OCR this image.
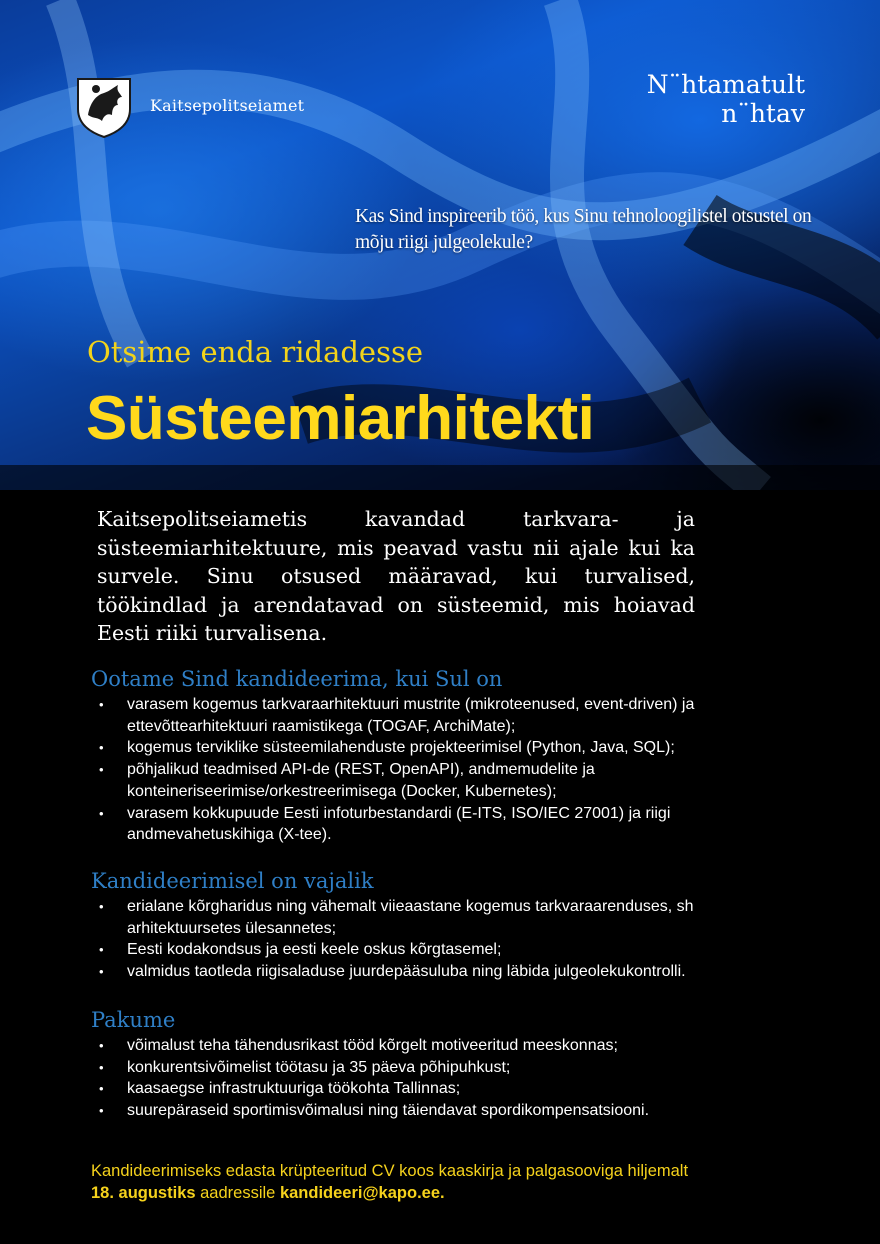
Kaitsepolitseiamet
N¨htamatult
n¨htav
Kas Sind inspireerib töö, kus Sinu tehnoloogilistel otsustel on mõju riigi julgeolekule?
Otsime enda ridadesse
Süsteemiarhitekti
Kaitsepolitseiametis kavandad tarkvara- ja süsteemiarhitektuure, mis peavad vastu nii ajale kui ka survele. Sinu otsused määravad, kui turvalised, töökindlad ja arendatavad on süsteemid, mis hoiavad Eesti riiki turvalisena.
Ootame Sind kandideerima, kui Sul on
• varasem kogemus tarkvaraarhitektuuri mustrite (mikroteenused, event-driven) ja ettevõttearhitektuuri raamistikega (TOGAF, ArchiMate);
• kogemus terviklike süsteemilahenduste projekteerimisel (Python, Java, SQL);
• põhjalikud teadmised API-de (REST, OpenAPI), andmemudelite ja konteineriseerimise/orkestreerimisega (Docker, Kubernetes);
• varasem kokkupuude Eesti infoturbestandardi (E-ITS, ISO/IEC 27001) ja riigi andmevahetuskihiga (X-tee).
Kandideerimisel on vajalik
• erialane kõrgharidus ning vähemalt viieaastane kogemus tarkvaraarenduses, sh arhitektuursetes ülesannetes;
• Eesti kodakondsus ja eesti keele oskus kõrgtasemel;
• valmidus taotleda riigisaladuse juurdepääsuluba ning läbida julgeolekukontrolli.
Pakume
• võimalust teha tähendusrikast tööd kõrgelt motiveeritud meeskonnas;
• konkurentsivõimelist töötasu ja 35 päeva põhipuhkust;
• kaasaegse infrastruktuuriga töökohta Tallinnas;
• suurepäraseid sportimisvõimalusi ning täiendavat spordikompensatsiooni.
Kandideerimiseks edasta krüpteeritud CV koos kaaskirja ja palgasooviga hiljemalt
18. augustiks aadressile kandideeri@kapo.ee.
